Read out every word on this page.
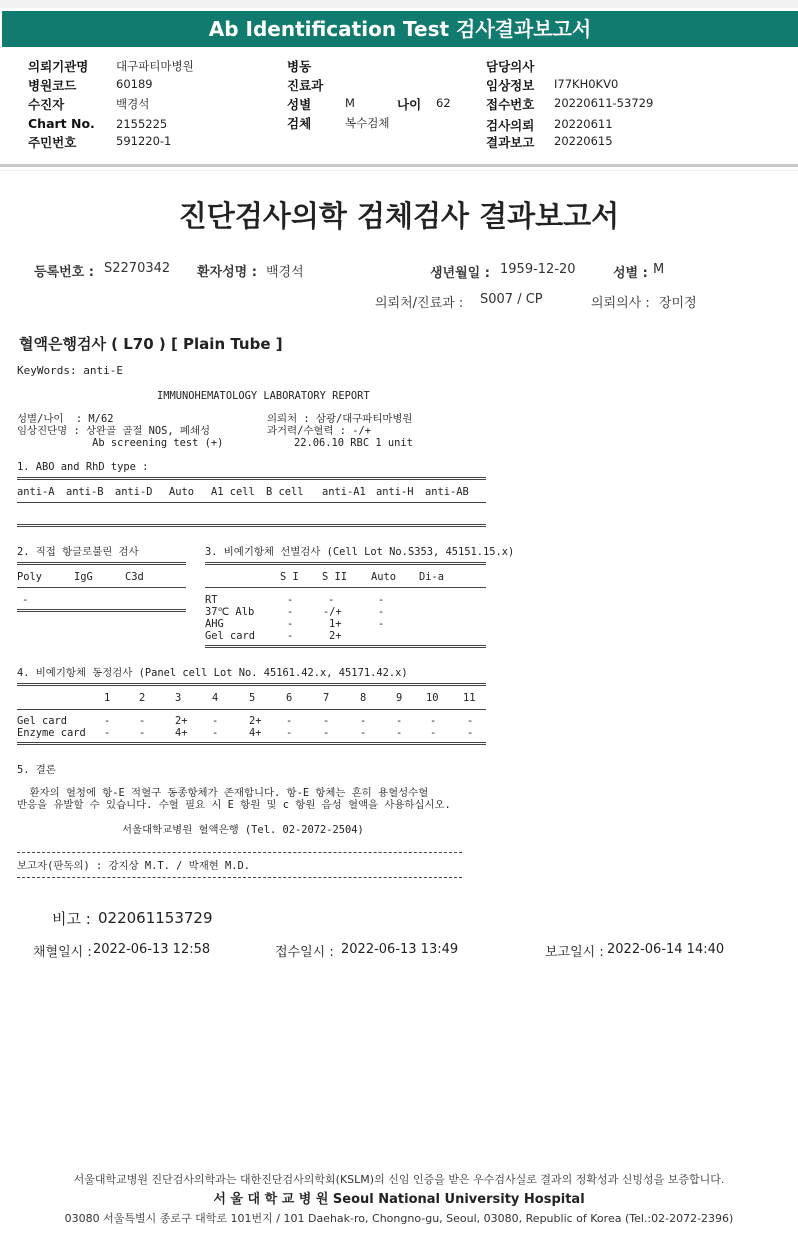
Ab Identification Test 검사결과보고서
의뢰기관명 대구파티마병원
병원코드	60189
수진자	백경석
Chart No. 2155225
주민번호	591220-1
병동
진료과
성별	M	나이 62
검체	복수검체
담당의사
임상정보 I77KH0KV0
접수번호 20220611-53729
검사의뢰 20220611
결과보고 20220615
진단검사의학 검체검사 결과보고서
등록번호 : S2270342 환자성명 : 백경석	생년월일 : 1959-12-20	성별 : M
의뢰처/진료과 : S007 / CP	의뢰의사 : 장미정
혈액은행검사 ( L70 ) [ Plain Tube ]
KeyWords: anti-E
IMMUNOHEMATOLOGY LABORATORY REPORT
성별/나이  : M/62
임상진단명 : 상완골 골절 NOS, 폐쇄성
Ab screening test (+)
의뢰처 : 삼광/대구파티마병원
과거력/수혈력 : -/+
22.06.10 RBC 1 unit
1. ABO and RhD type :
anti-A anti-B anti-D Auto A1 cell B cell anti-A1 anti-H anti-AB
2. 직접 항글로불린 검사
Poly	IgG	C3d
-
3. 비예기항체 선별검사 (Cell Lot No.S353, 45151.15.x)
S I S II Auto Di-a
RT	-	-	-
37℃ Alb	-	-/+	-
AHG	-	1+	-
Gel card	-	2+
4. 비예기항체 동정검사 (Panel cell Lot No. 45161.42.x, 45171.42.x)
1	2	3	4	5	6	7	8	9 10 11
Gel card	-	-	2+ -	2+ -	-	-	-	-	-
Enzyme card -	-	4+ -	4+ -	-	-	-	-	-
5. 결론
환자의 혈청에 항-E 적혈구 동종항체가 존재합니다. 항-E 항체는 흔히 용혈성수혈
반응을 유발할 수 있습니다. 수혈 필요 시 E 항원 및 c 항원 음성 혈액을 사용하십시오.
서울대학교병원 혈액은행 (Tel. 02-2072-2504)
보고자(판독의) : 강지상 M.T. / 박재현 M.D.
비고 : 022061153729
채혈일시 : 2022-06-13 12:58	접수일시 : 2022-06-13 13:49	보고일시 : 2022-06-14 14:40
서울대학교병원 진단검사의학과는 대한진단검사의학회(KSLM)의 신임 인증을 받은 우수검사실로 결과의 정확성과 신빙성을 보증합니다.
서 울 대 학 교 병 원 Seoul National University Hospital
03080 서울특별시 종로구 대학로 101번지 / 101 Daehak-ro, Chongno-gu, Seoul, 03080, Republic of Korea (Tel.:02-2072-2396)
